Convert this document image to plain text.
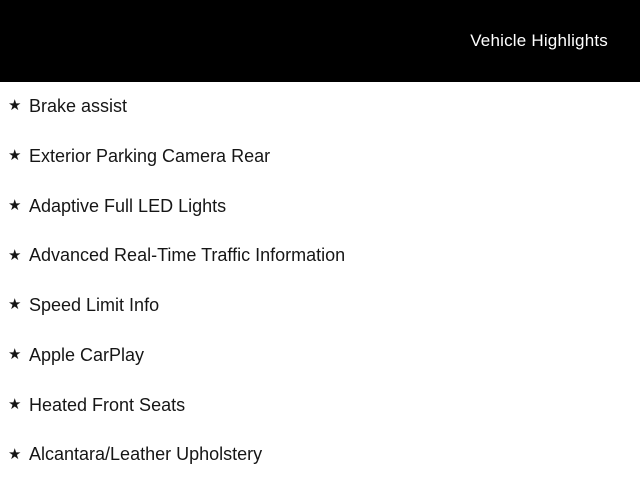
Vehicle Highlights
★ Brake assist
★ Exterior Parking Camera Rear
★ Adaptive Full LED Lights
★ Advanced Real-Time Traffic Information
★ Speed Limit Info
★ Apple CarPlay
★ Heated Front Seats
★ Alcantara/Leather Upholstery
